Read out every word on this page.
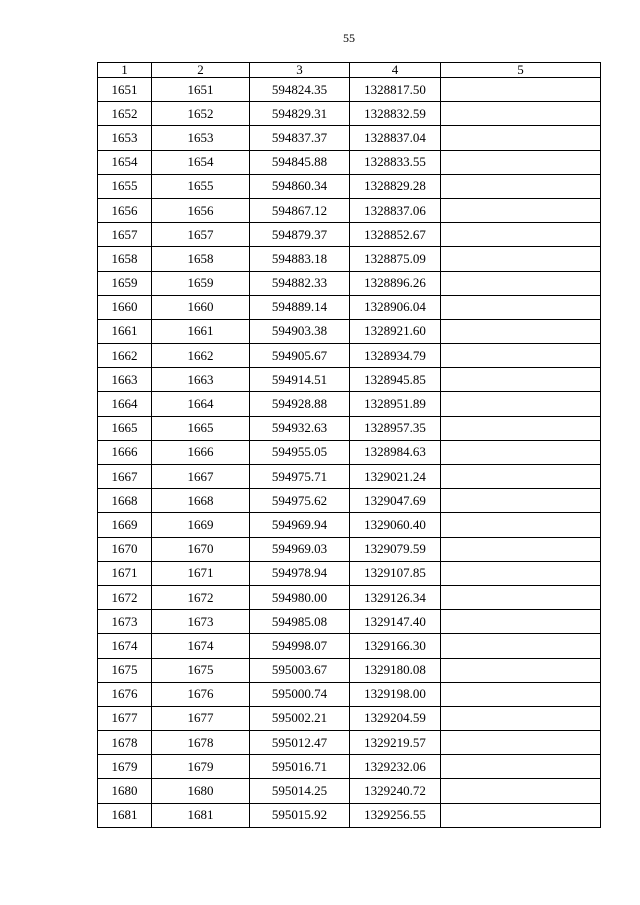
55
1	2	3	4	5
1651	1651	594824.35	1328817.50	
1652	1652	594829.31	1328832.59	
1653	1653	594837.37	1328837.04	
1654	1654	594845.88	1328833.55	
1655	1655	594860.34	1328829.28	
1656	1656	594867.12	1328837.06	
1657	1657	594879.37	1328852.67	
1658	1658	594883.18	1328875.09	
1659	1659	594882.33	1328896.26	
1660	1660	594889.14	1328906.04	
1661	1661	594903.38	1328921.60	
1662	1662	594905.67	1328934.79	
1663	1663	594914.51	1328945.85	
1664	1664	594928.88	1328951.89	
1665	1665	594932.63	1328957.35	
1666	1666	594955.05	1328984.63	
1667	1667	594975.71	1329021.24	
1668	1668	594975.62	1329047.69	
1669	1669	594969.94	1329060.40	
1670	1670	594969.03	1329079.59	
1671	1671	594978.94	1329107.85	
1672	1672	594980.00	1329126.34	
1673	1673	594985.08	1329147.40	
1674	1674	594998.07	1329166.30	
1675	1675	595003.67	1329180.08	
1676	1676	595000.74	1329198.00	
1677	1677	595002.21	1329204.59	
1678	1678	595012.47	1329219.57	
1679	1679	595016.71	1329232.06	
1680	1680	595014.25	1329240.72	
1681	1681	595015.92	1329256.55	
